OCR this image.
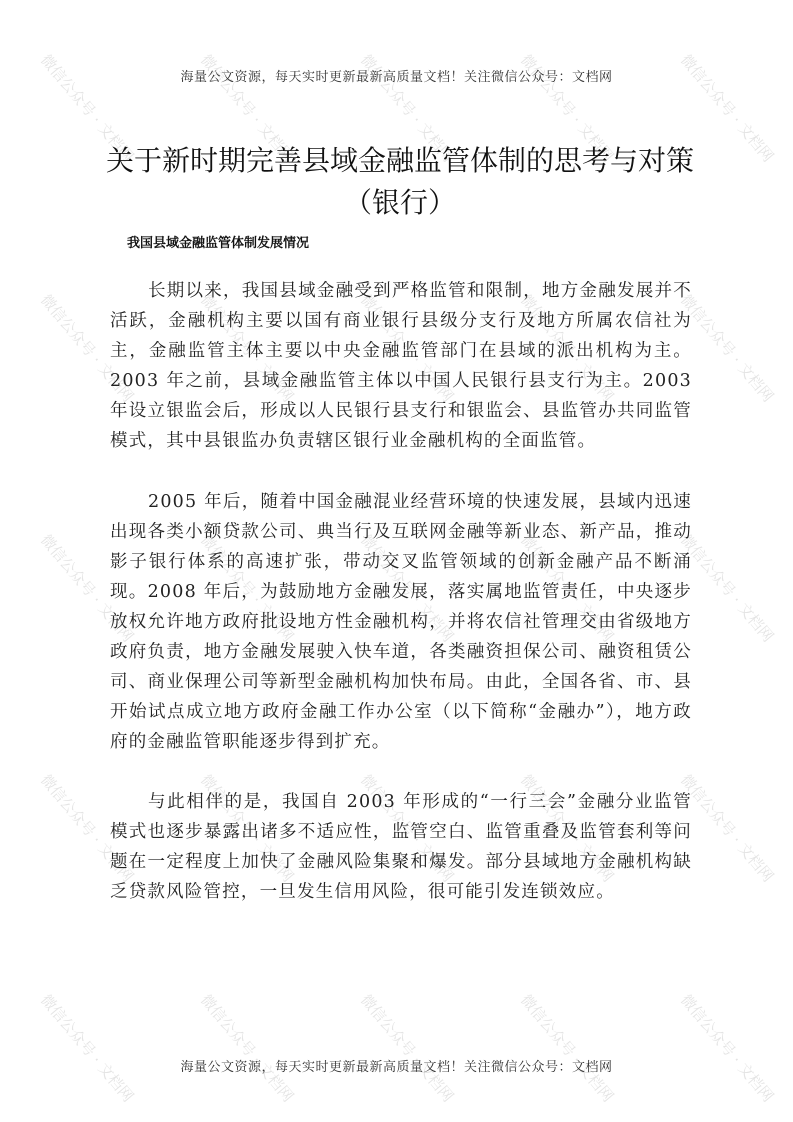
微信公众号 · 文档网	微信公众号 · 文档网	微信公众号 · 文档网	微信公众号 · 文档网	微信公众号 · 文档网
微信公众号 · 文档网	微信公众号 · 文档网	微信公众号 · 文档网	微信公众号 · 文档网	微信公众号 · 文档网
微信公众号 · 文档网	微信公众号 · 文档网	微信公众号 · 文档网	微信公众号 · 文档网	微信公众号 · 文档网
微信公众号 · 文档网	微信公众号 · 文档网	微信公众号 · 文档网	微信公众号 · 文档网	微信公众号 · 文档网
微信公众号 · 文档网	微信公众号 · 文档网	微信公众号 · 文档网	微信公众号 · 文档网	微信公众号 · 文档网
海量公文资源，每天实时更新最新高质量文档！关注微信公众号：文档网
关于新时期完善县域金融监管体制的思考与对策（银行）
我国县域金融监管体制发展情况

长期以来，我国县域金融受到严格监管和限制，地方金融发展并不活跃，金融机构主要以国有商业银行县级分支行及地方所属农信社为主，金融监管主体主要以中央金融监管部门在县域的派出机构为主。2003 年之前，县域金融监管主体以中国人民银行县支行为主。2003 年设立银监会后，形成以人民银行县支行和银监会、县监管办共同监管模式，其中县银监办负责辖区银行业金融机构的全面监管。

2005 年后，随着中国金融混业经营环境的快速发展，县域内迅速出现各类小额贷款公司、典当行及互联网金融等新业态、新产品，推动影子银行体系的高速扩张，带动交叉监管领域的创新金融产品不断涌现。2008 年后，为鼓励地方金融发展，落实属地监管责任，中央逐步放权允许地方政府批设地方性金融机构，并将农信社管理交由省级地方政府负责，地方金融发展驶入快车道，各类融资担保公司、融资租赁公司、商业保理公司等新型金融机构加快布局。由此，全国各省、市、县开始试点成立地方政府金融工作办公室（以下简称“金融办”），地方政府的金融监管职能逐步得到扩充。

与此相伴的是，我国自 2003 年形成的“一行三会”金融分业监管模式也逐步暴露出诸多不适应性，监管空白、监管重叠及监管套利等问题在一定程度上加快了金融风险集聚和爆发。部分县域地方金融机构缺乏贷款风险管控，一旦发生信用风险，很可能引发连锁效应。

海量公文资源，每天实时更新最新高质量文档！关注微信公众号：文档网
